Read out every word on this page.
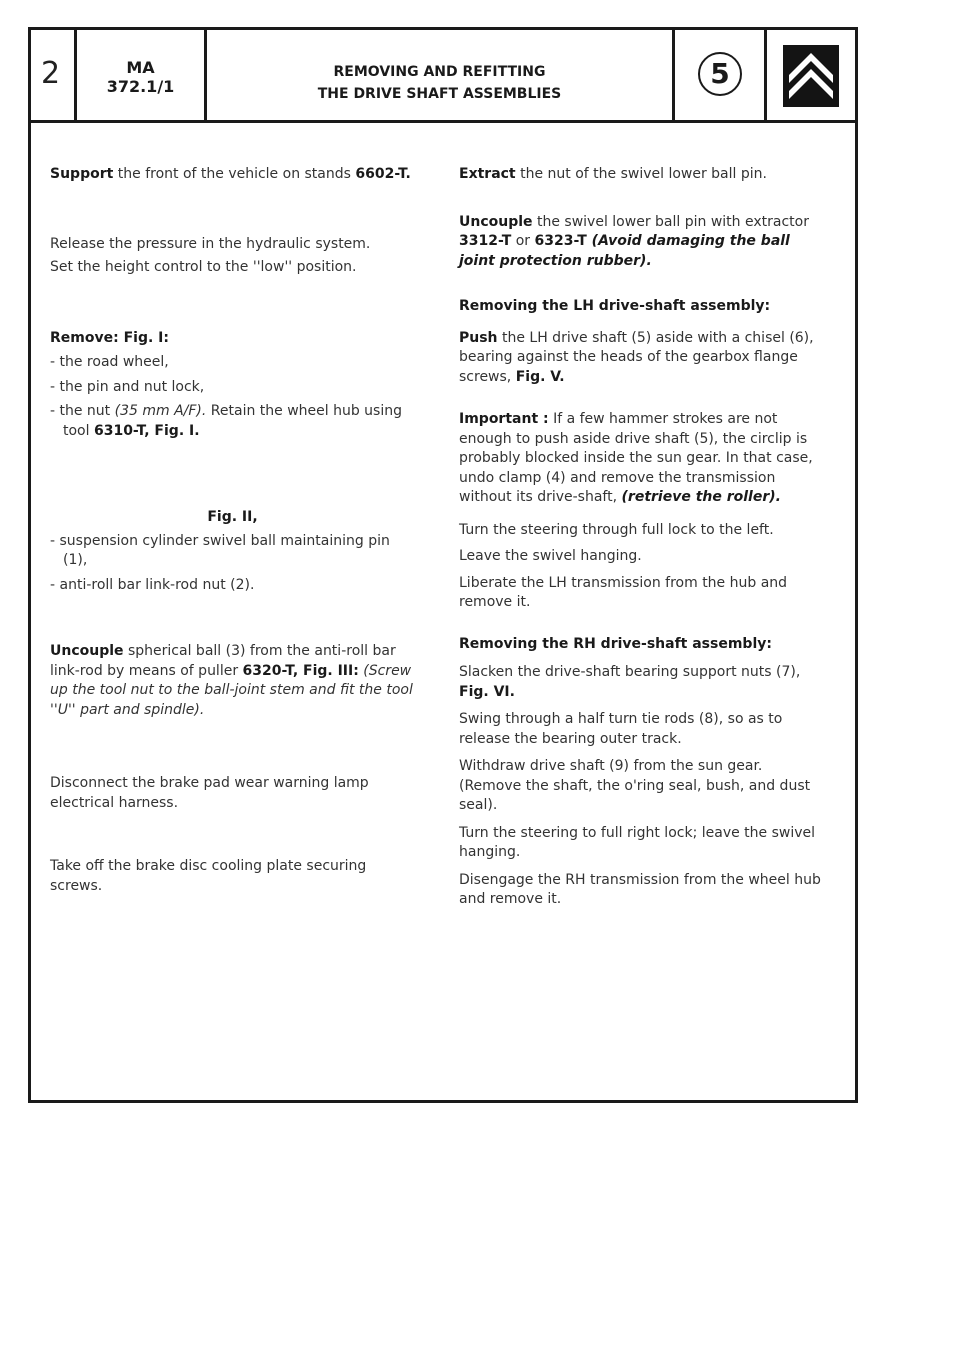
2	MA
372.1/1
REMOVING AND REFITTING
THE DRIVE SHAFT ASSEMBLIES
5

Support the front of the vehicle on stands 6602-T.

Release the pressure in the hydraulic system.

Set the height control to the ''low'' position.

Remove: Fig. I:

- the road wheel,

- the pin and nut lock,

- the nut (35 mm A/F). Retain the wheel hub using tool 6310-T, Fig. I.

Fig. II,

- suspension cylinder swivel ball maintaining pin (1),

- anti-roll bar link-rod nut (2).

Uncouple spherical ball (3) from the anti-roll bar link-rod by means of puller 6320-T, Fig. III: (Screw up the tool nut to the ball-joint stem and fit the tool ''U'' part and spindle).

Disconnect the brake pad wear warning lamp electrical harness.

Take off the brake disc cooling plate securing screws.

Extract the nut of the swivel lower ball pin.

Uncouple the swivel lower ball pin with extractor 3312-T or 6323-T (Avoid damaging the ball joint protection rubber).

Removing the LH drive-shaft assembly:

Push the LH drive shaft (5) aside with a chisel (6), bearing against the heads of the gearbox flange screws, Fig. V.

Important : If a few hammer strokes are not enough to push aside drive shaft (5), the circlip is probably blocked inside the sun gear. In that case, undo clamp (4) and remove the transmission without its drive-shaft, (retrieve the roller).

Turn the steering through full lock to the left.

Leave the swivel hanging.

Liberate the LH transmission from the hub and remove it.

Removing the RH drive-shaft assembly:

Slacken the drive-shaft bearing support nuts (7), Fig. VI.

Swing through a half turn tie rods (8), so as to release the bearing outer track.

Withdraw drive shaft (9) from the sun gear. (Remove the shaft, the o'ring seal, bush, and dust seal).

Turn the steering to full right lock; leave the swivel hanging.

Disengage the RH transmission from the wheel hub and remove it.
